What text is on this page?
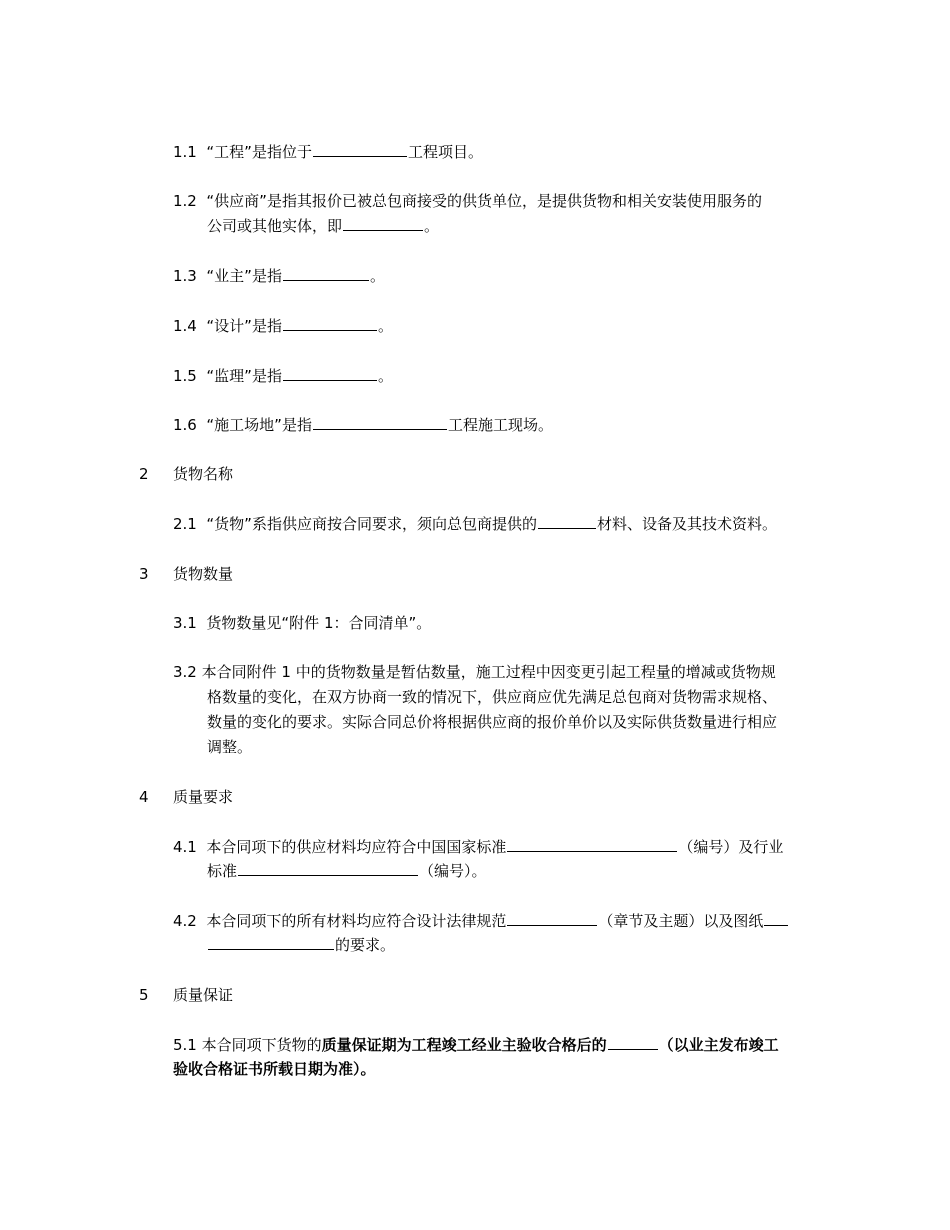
1.1 “工程”是指位于	工程项目。
1.2 “供应商”是指其报价已被总包商接受的供货单位，是提供货物和相关安装使用服务的
公司或其他实体，即	。
1.3 “业主”是指	。
1.4 “设计”是指	。
1.5 “监理”是指	。
1.6 “施工场地”是指	工程施工现场。
2 货物名称
2.1 “货物”系指供应商按合同要求，须向总包商提供的	材料、设备及其技术资料。
3 货物数量
3.1 货物数量见“附件 1：合同清单”。
3.2 本合同附件 1 中的货物数量是暂估数量，施工过程中因变更引起工程量的增减或货物规
格数量的变化，在双方协商一致的情况下，供应商应优先满足总包商对货物需求规格、
数量的变化的要求。实际合同总价将根据供应商的报价单价以及实际供货数量进行相应
调整。
4 质量要求
4.1 本合同项下的供应材料均应符合中国国家标准	（编号）及行业
标准	（编号）。
4.2 本合同项下的所有材料均应符合设计法律规范	（章节及主题）以及图纸
的要求。
5 质量保证
5.1 本合同项下货物的质量保证期为工程竣工经业主验收合格后的	（以业主发布竣工
验收合格证书所载日期为准）。
